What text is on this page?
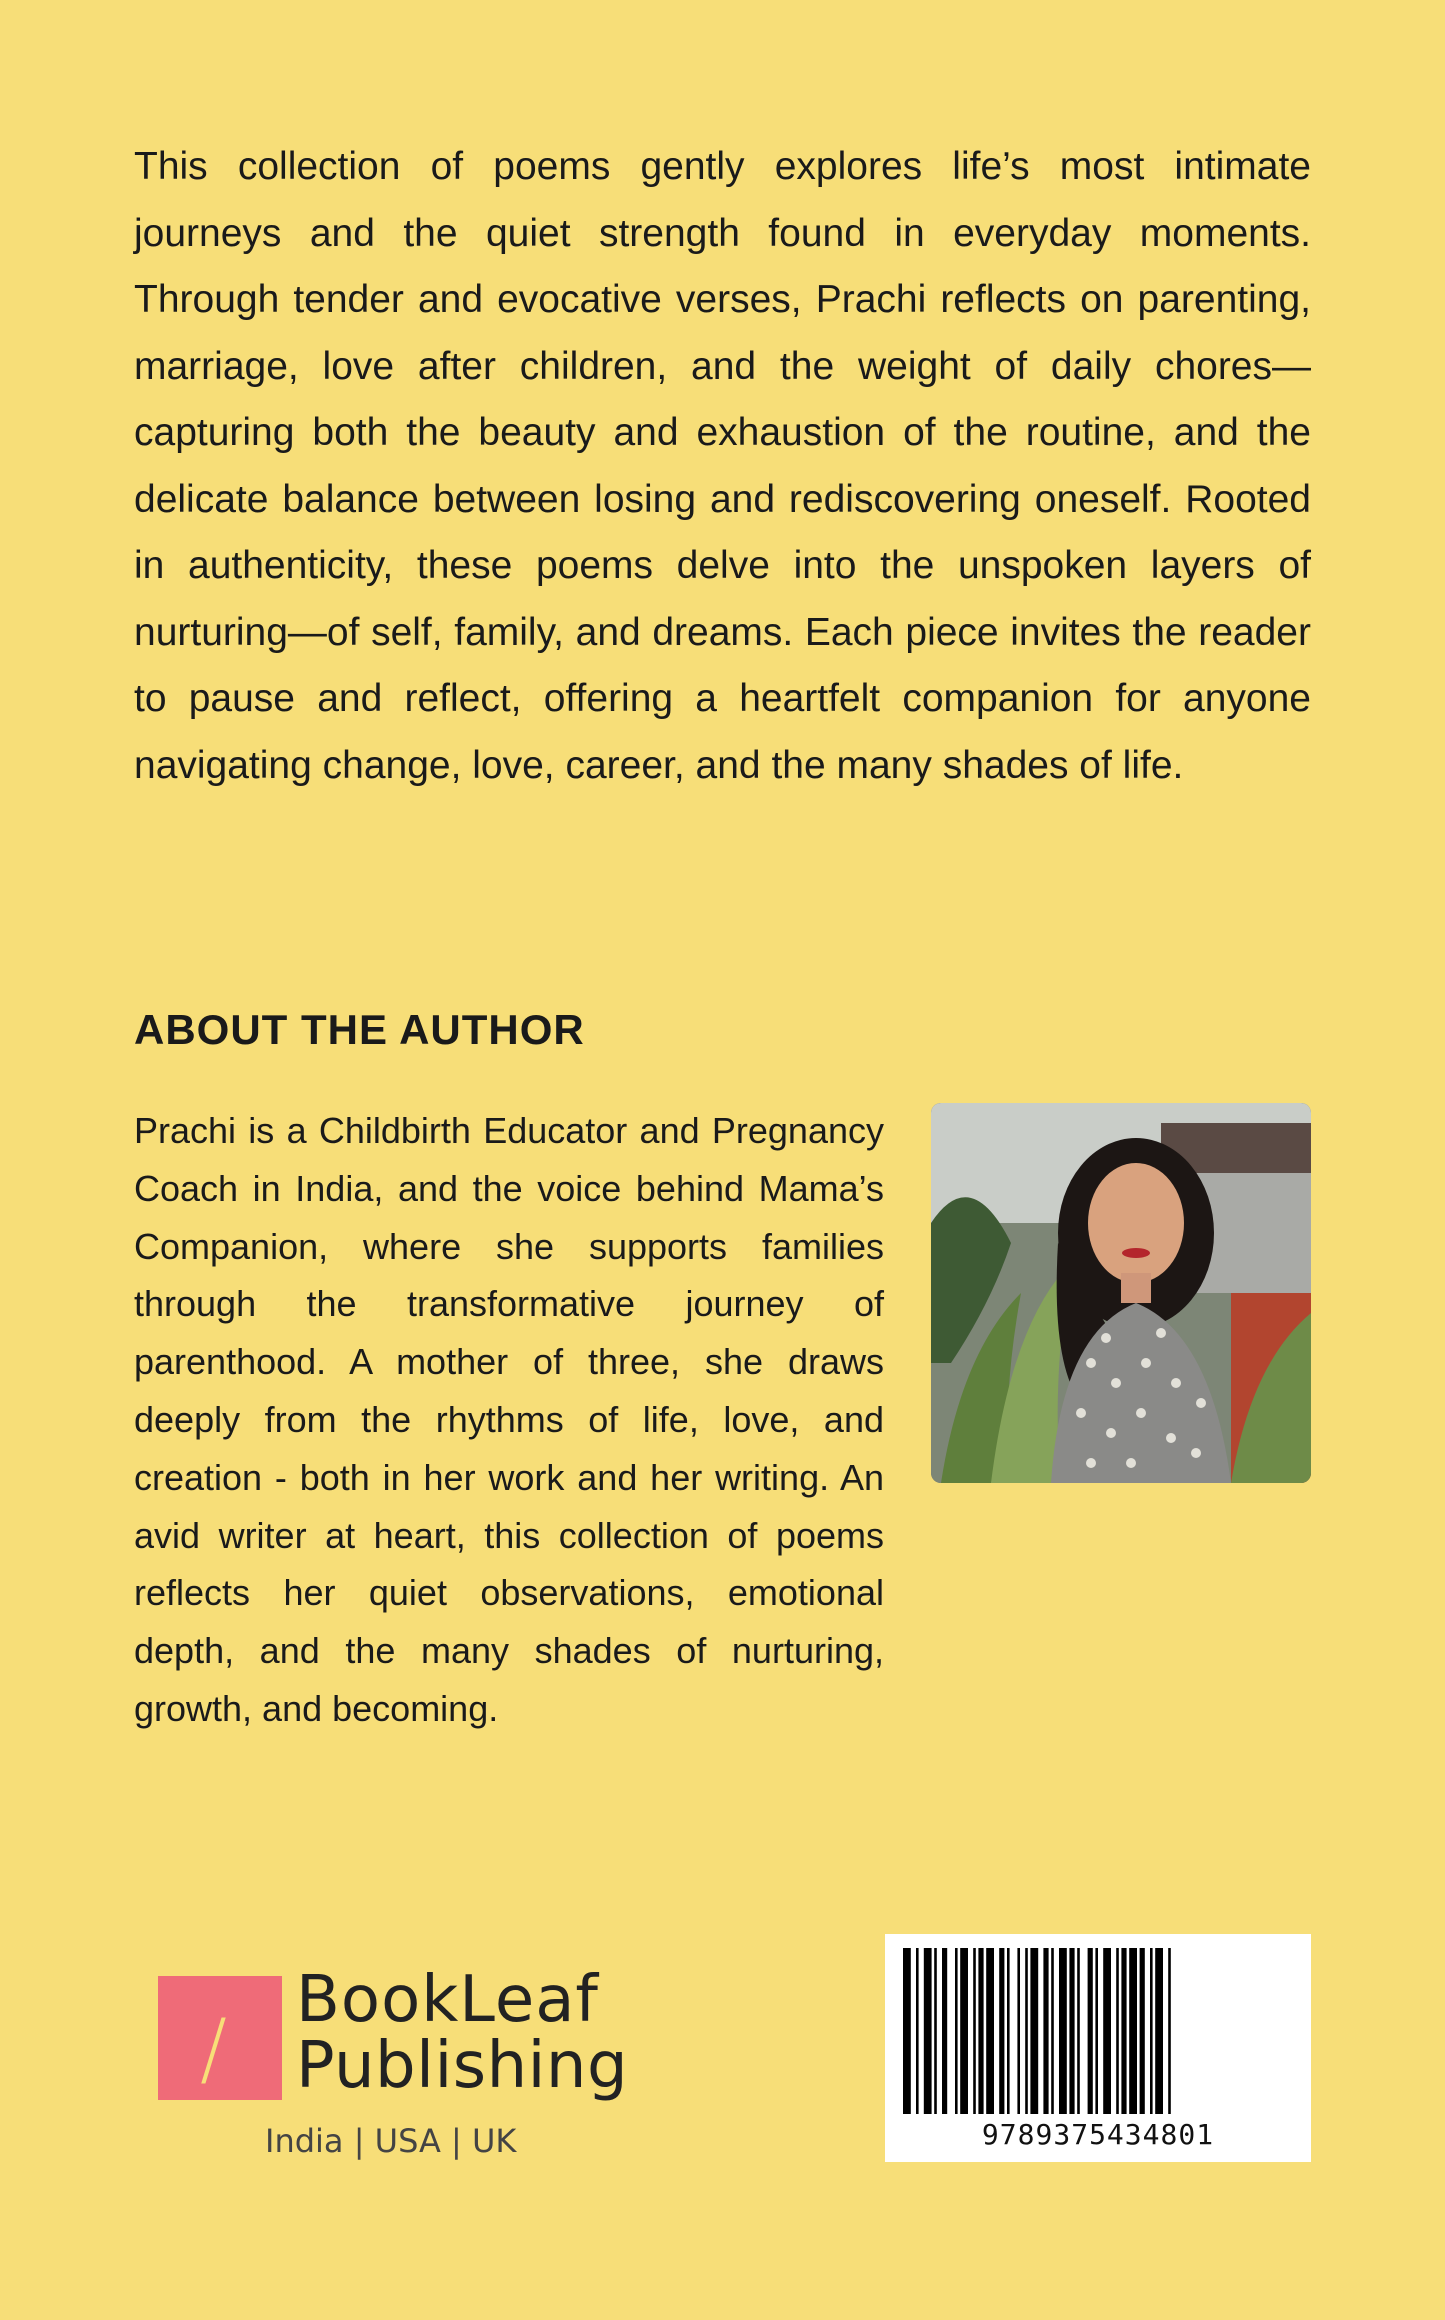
This collection of poems gently explores life’s most intimate journeys and the quiet strength found in everyday moments. Through tender and evocative verses, Prachi reflects on parenting, marriage, love after children, and the weight of daily chores—capturing both the beauty and exhaustion of the routine, and the delicate balance between losing and rediscovering oneself. Rooted in authenticity, these poems delve into the unspoken layers of nurturing—of self, family, and dreams. Each piece invites the reader to pause and reflect, offering a heartfelt companion for anyone navigating change, love, career, and the many shades of life.

ABOUT THE AUTHOR

Prachi is a Childbirth Educator and Pregnancy Coach in India, and the voice behind Mama’s Companion, where she supports families through the transformative journey of parenthood. A mother of three, she draws deeply from the rhythms of life, love, and creation - both in her work and her writing. An avid writer at heart, this collection of poems reflects her quiet observations, emotional depth, and the many shades of nurturing, growth, and becoming.

/
BookLeaf
Publishing
India | USA | UK	9789375434801
